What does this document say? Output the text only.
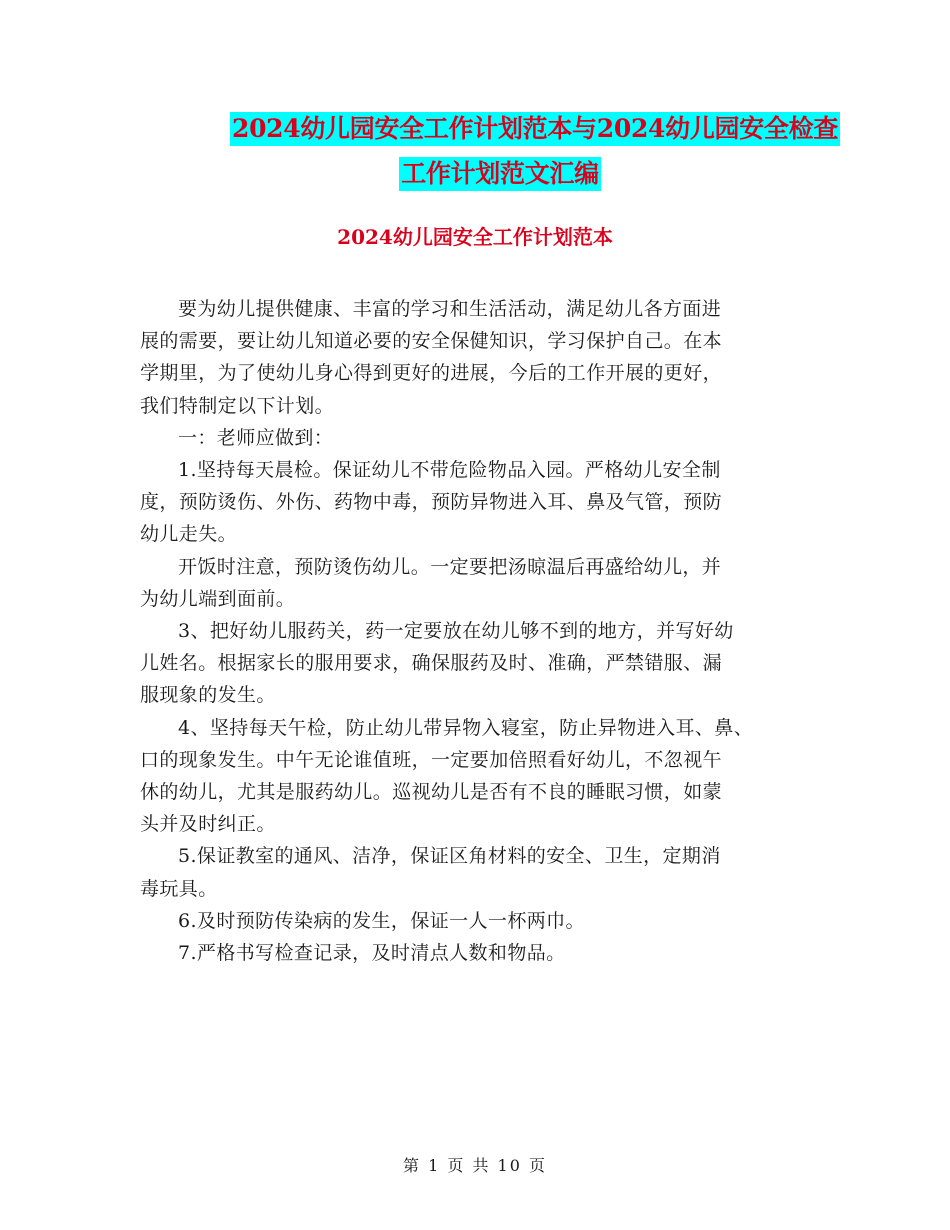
2024幼儿园安全工作计划范本与2024幼儿园安全检查
工作计划范文汇编
2024幼儿园安全工作计划范本

要为幼儿提供健康、丰富的学习和生活活动，满足幼儿各方面进
展的需要，要让幼儿知道必要的安全保健知识，学习保护自己。在本
学期里，为了使幼儿身心得到更好的进展，今后的工作开展的更好，
我们特制定以下计划。

一：老师应做到：

1.坚持每天晨检。保证幼儿不带危险物品入园。严格幼儿安全制
度，预防烫伤、外伤、药物中毒，预防异物进入耳、鼻及气管，预防
幼儿走失。

开饭时注意，预防烫伤幼儿。一定要把汤晾温后再盛给幼儿，并
为幼儿端到面前。

3、把好幼儿服药关，药一定要放在幼儿够不到的地方，并写好幼
儿姓名。根据家长的服用要求，确保服药及时、准确，严禁错服、漏
服现象的发生。

4、坚持每天午检，防止幼儿带异物入寝室，防止异物进入耳、鼻、
口的现象发生。中午无论谁值班，一定要加倍照看好幼儿，不忽视午
休的幼儿，尤其是服药幼儿。巡视幼儿是否有不良的睡眠习惯，如蒙
头并及时纠正。

5.保证教室的通风、洁净，保证区角材料的安全、卫生，定期消
毒玩具。

6.及时预防传染病的发生，保证一人一杯两巾。

7.严格书写检查记录，及时清点人数和物品。

第 1 页 共 10 页
